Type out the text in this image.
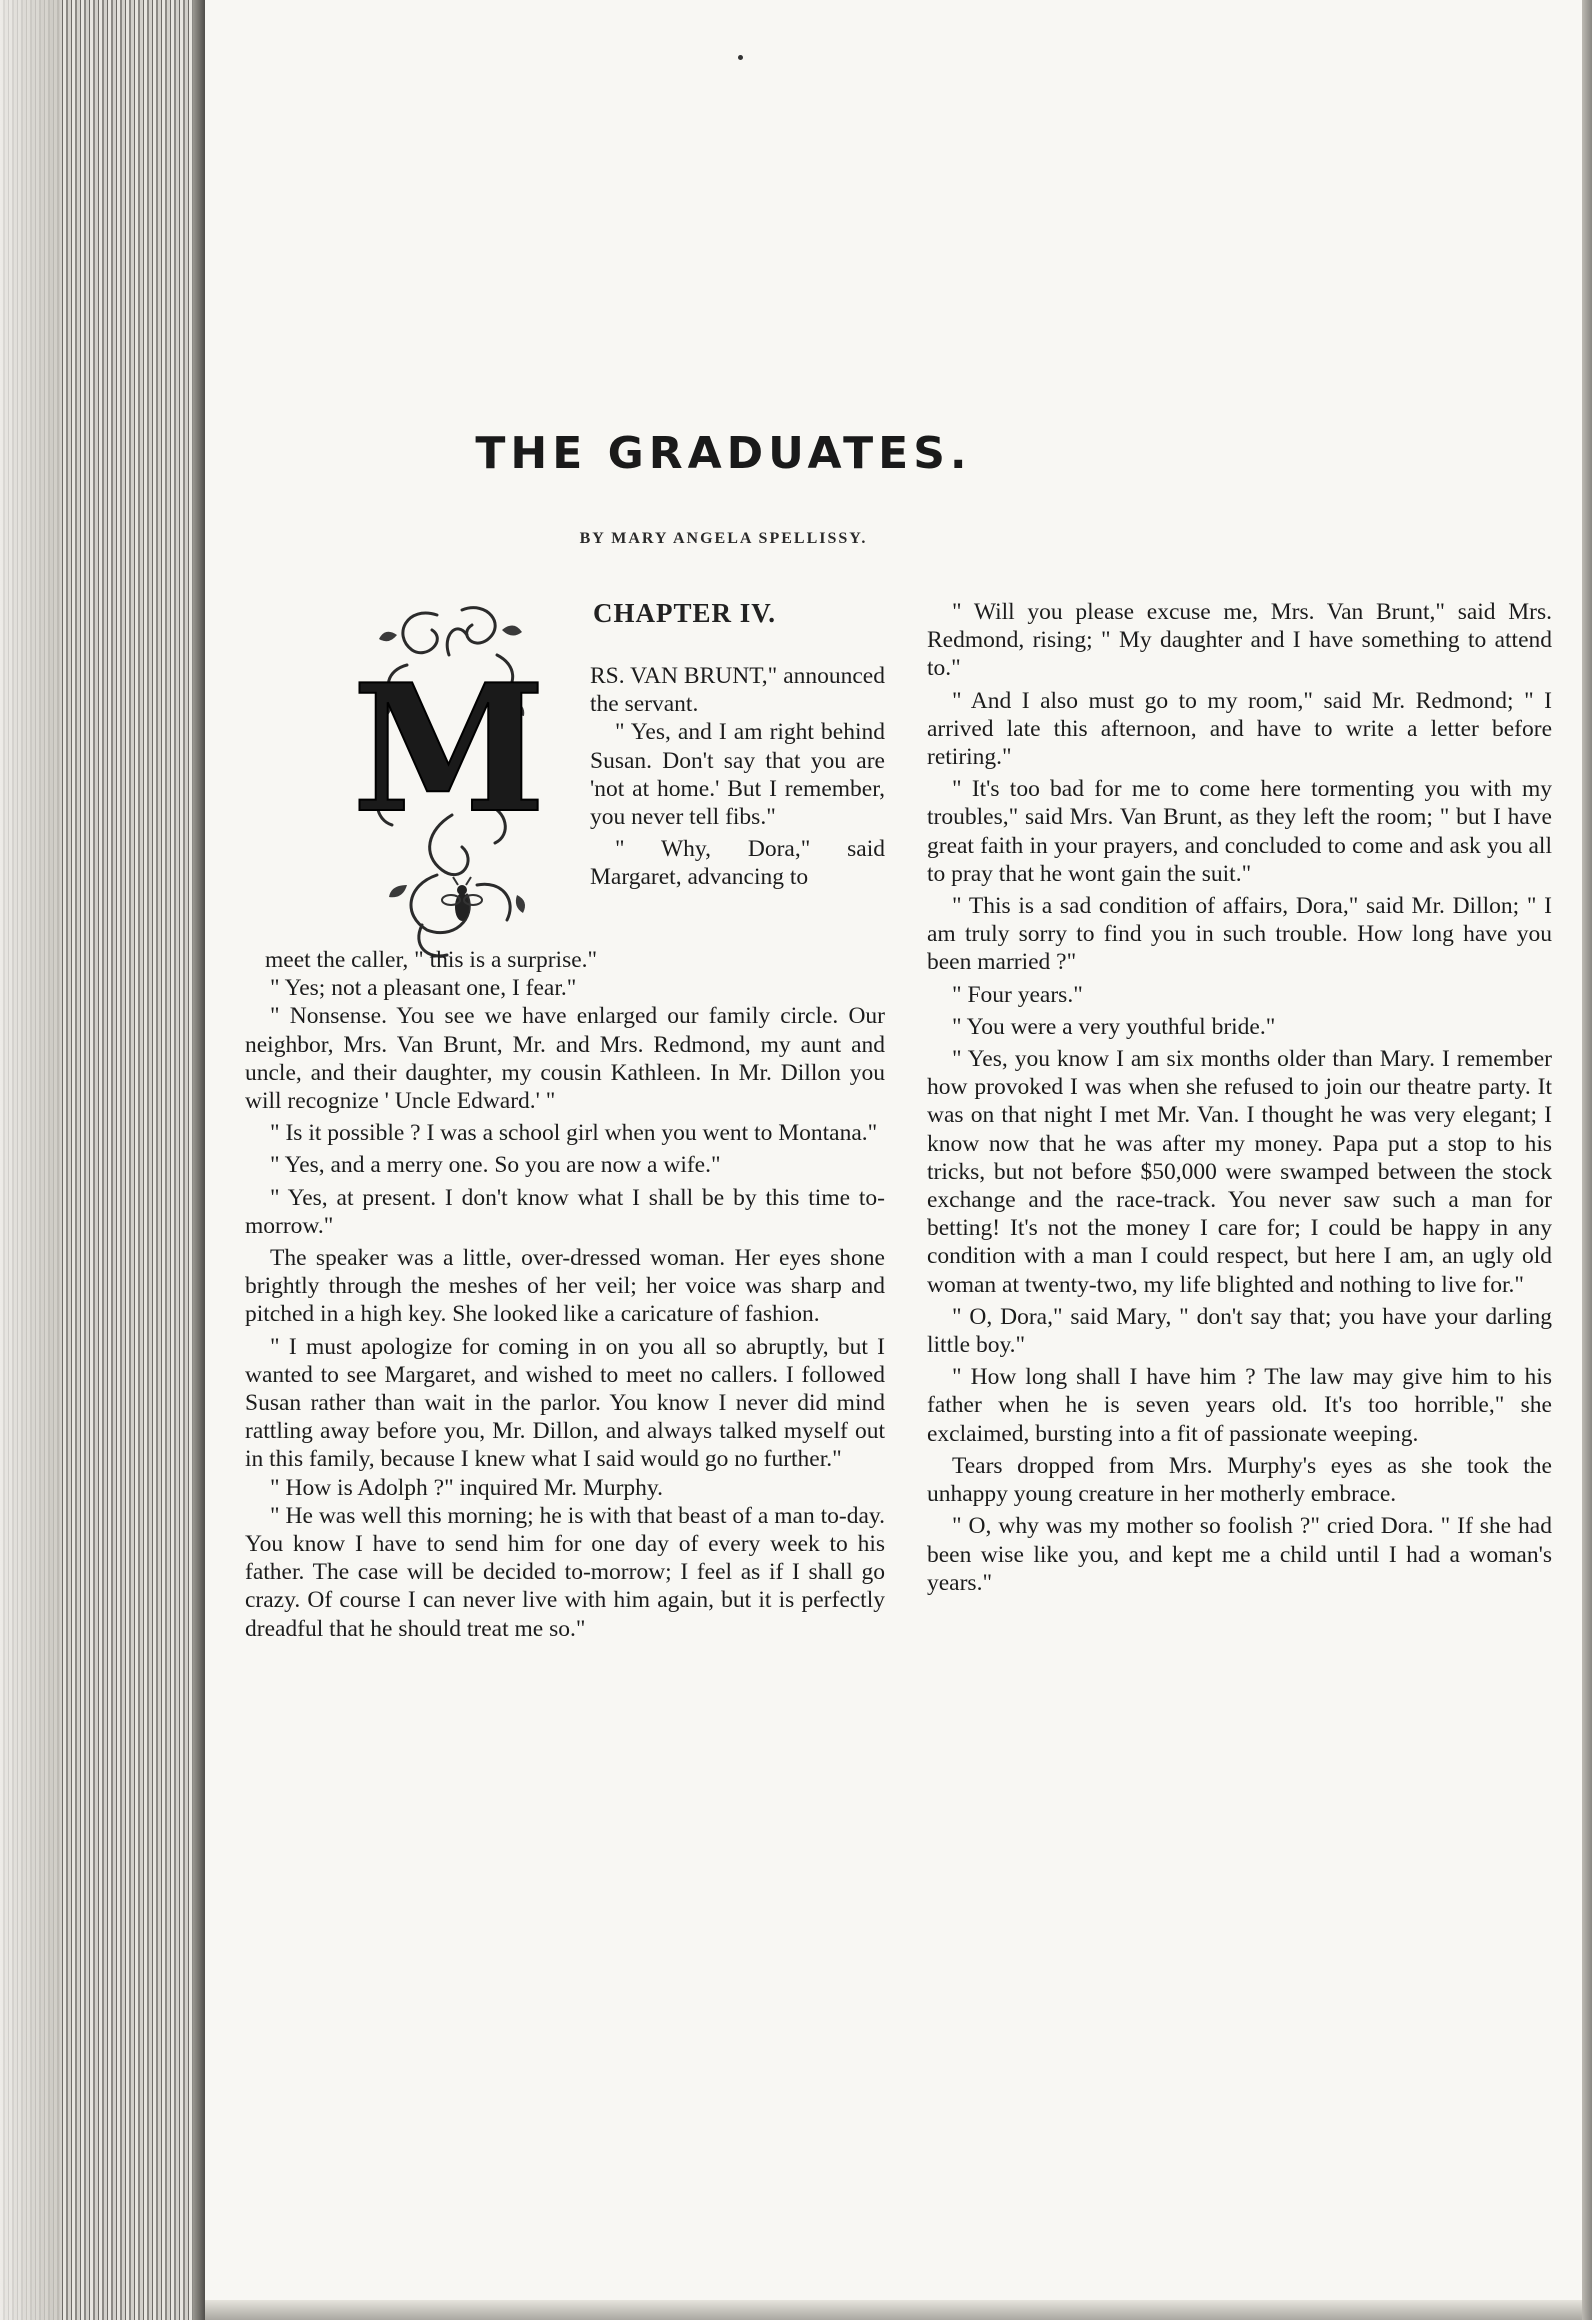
THE GRADUATES.
BY MARY ANGELA SPELLISSY.
M
CHAPTER IV.

RS. VAN BRUNT," announced the servant.

" Yes, and I am right behind Susan. Don't say that you are 'not at home.' But I remember, you never tell fibs."

" Why, Dora," said Margaret, advancing to

meet the caller, " this is a surprise."

" Yes; not a pleasant one, I fear."

" Nonsense. You see we have enlarged our family circle. Our neighbor, Mrs. Van Brunt, Mr. and Mrs. Redmond, my aunt and uncle, and their daughter, my cousin Kathleen. In Mr. Dillon you will recognize ' Uncle Edward.' "

" Is it possible ? I was a school girl when you went to Montana."

" Yes, and a merry one. So you are now a wife."

" Yes, at present. I don't know what I shall be by this time to-morrow."

The speaker was a little, over-dressed woman. Her eyes shone brightly through the meshes of her veil; her voice was sharp and pitched in a high key. She looked like a caricature of fashion.

" I must apologize for coming in on you all so abruptly, but I wanted to see Margaret, and wished to meet no callers. I followed Susan rather than wait in the parlor. You know I never did mind rattling away before you, Mr. Dillon, and always talked myself out in this family, because I knew what I said would go no further."

" How is Adolph ?" inquired Mr. Murphy.

" He was well this morning; he is with that beast of a man to-day. You know I have to send him for one day of every week to his father. The case will be decided to-morrow; I feel as if I shall go crazy. Of course I can never live with him again, but it is perfectly dreadful that he should treat me so."

" Will you please excuse me, Mrs. Van Brunt," said Mrs. Redmond, rising; " My daughter and I have something to attend to."

" And I also must go to my room," said Mr. Redmond; " I arrived late this afternoon, and have to write a letter before retiring."

" It's too bad for me to come here tormenting you with my troubles," said Mrs. Van Brunt, as they left the room; " but I have great faith in your prayers, and concluded to come and ask you all to pray that he wont gain the suit."

" This is a sad condition of affairs, Dora," said Mr. Dillon; " I am truly sorry to find you in such trouble. How long have you been married ?"

" Four years."

" You were a very youthful bride."

" Yes, you know I am six months older than Mary. I remember how provoked I was when she refused to join our theatre party. It was on that night I met Mr. Van. I thought he was very elegant; I know now that he was after my money. Papa put a stop to his tricks, but not before $50,000 were swamped between the stock exchange and the race-track. You never saw such a man for betting! It's not the money I care for; I could be happy in any condition with a man I could respect, but here I am, an ugly old woman at twenty-two, my life blighted and nothing to live for."

" O, Dora," said Mary, " don't say that; you have your darling little boy."

" How long shall I have him ? The law may give him to his father when he is seven years old. It's too horrible," she exclaimed, bursting into a fit of passionate weeping.

Tears dropped from Mrs. Murphy's eyes as she took the unhappy young creature in her motherly embrace.

" O, why was my mother so foolish ?" cried Dora. " If she had been wise like you, and kept me a child until I had a woman's years."
